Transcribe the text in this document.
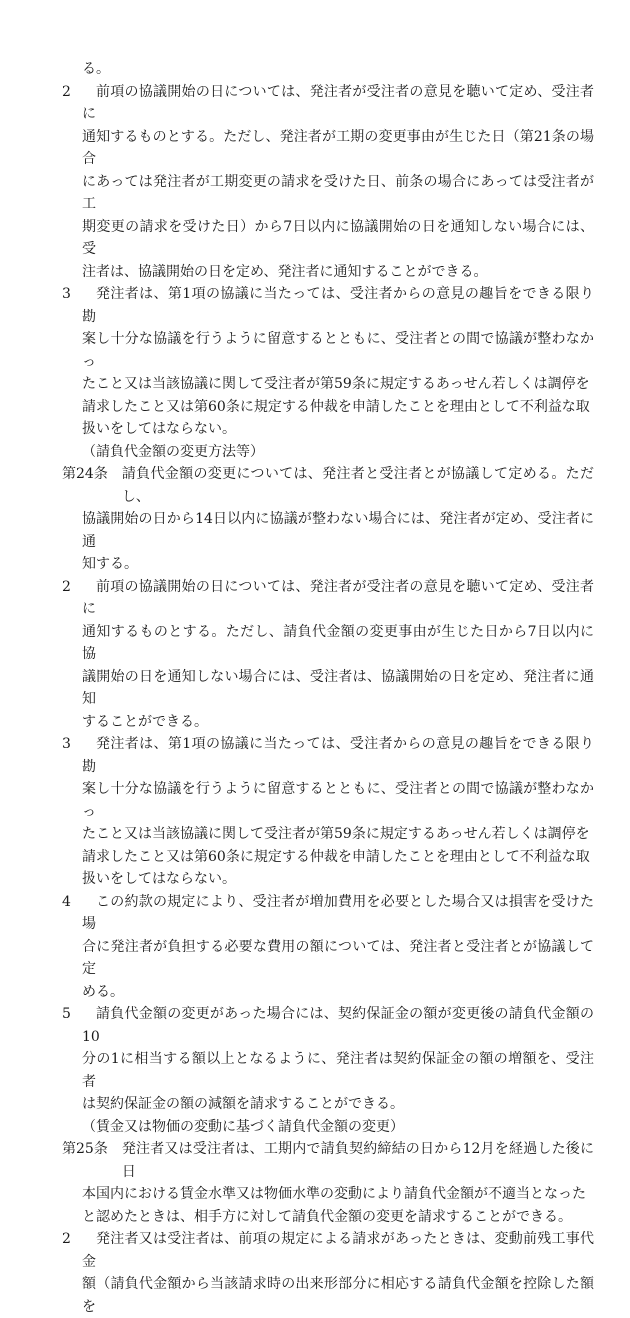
る。
2	前項の協議開始の日については、発注者が受注者の意見を聴いて定め、受注者に
通知するものとする。ただし、発注者が工期の変更事由が生じた日（第21条の場合
にあっては発注者が工期変更の請求を受けた日、前条の場合にあっては受注者が工
期変更の請求を受けた日）から7日以内に協議開始の日を通知しない場合には、受
注者は、協議開始の日を定め、発注者に通知することができる。
3	発注者は、第1項の協議に当たっては、受注者からの意見の趣旨をできる限り勘
案し十分な協議を行うように留意するとともに、受注者との間で協議が整わなかっ
たこと又は当該協議に関して受注者が第59条に規定するあっせん若しくは調停を
請求したこと又は第60条に規定する仲裁を申請したことを理由として不利益な取
扱いをしてはならない。
（請負代金額の変更方法等）
第24条	請負代金額の変更については、発注者と受注者とが協議して定める。ただし、
協議開始の日から14日以内に協議が整わない場合には、発注者が定め、受注者に通
知する。
2	前項の協議開始の日については、発注者が受注者の意見を聴いて定め、受注者に
通知するものとする。ただし、請負代金額の変更事由が生じた日から7日以内に協
議開始の日を通知しない場合には、受注者は、協議開始の日を定め、発注者に通知
することができる。
3	発注者は、第1項の協議に当たっては、受注者からの意見の趣旨をできる限り勘
案し十分な協議を行うように留意するとともに、受注者との間で協議が整わなかっ
たこと又は当該協議に関して受注者が第59条に規定するあっせん若しくは調停を
請求したこと又は第60条に規定する仲裁を申請したことを理由として不利益な取
扱いをしてはならない。
4	この約款の規定により、受注者が増加費用を必要とした場合又は損害を受けた場
合に発注者が負担する必要な費用の額については、発注者と受注者とが協議して定
める。
5	請負代金額の変更があった場合には、契約保証金の額が変更後の請負代金額の10
分の1に相当する額以上となるように、発注者は契約保証金の額の増額を、受注者
は契約保証金の額の減額を請求することができる。
（賃金又は物価の変動に基づく請負代金額の変更）
第25条	発注者又は受注者は、工期内で請負契約締結の日から12月を経過した後に日
本国内における賃金水準又は物価水準の変動により請負代金額が不適当となった
と認めたときは、相手方に対して請負代金額の変更を請求することができる。
2	発注者又は受注者は、前項の規定による請求があったときは、変動前残工事代金
額（請負代金額から当該請求時の出来形部分に相応する請負代金額を控除した額を
